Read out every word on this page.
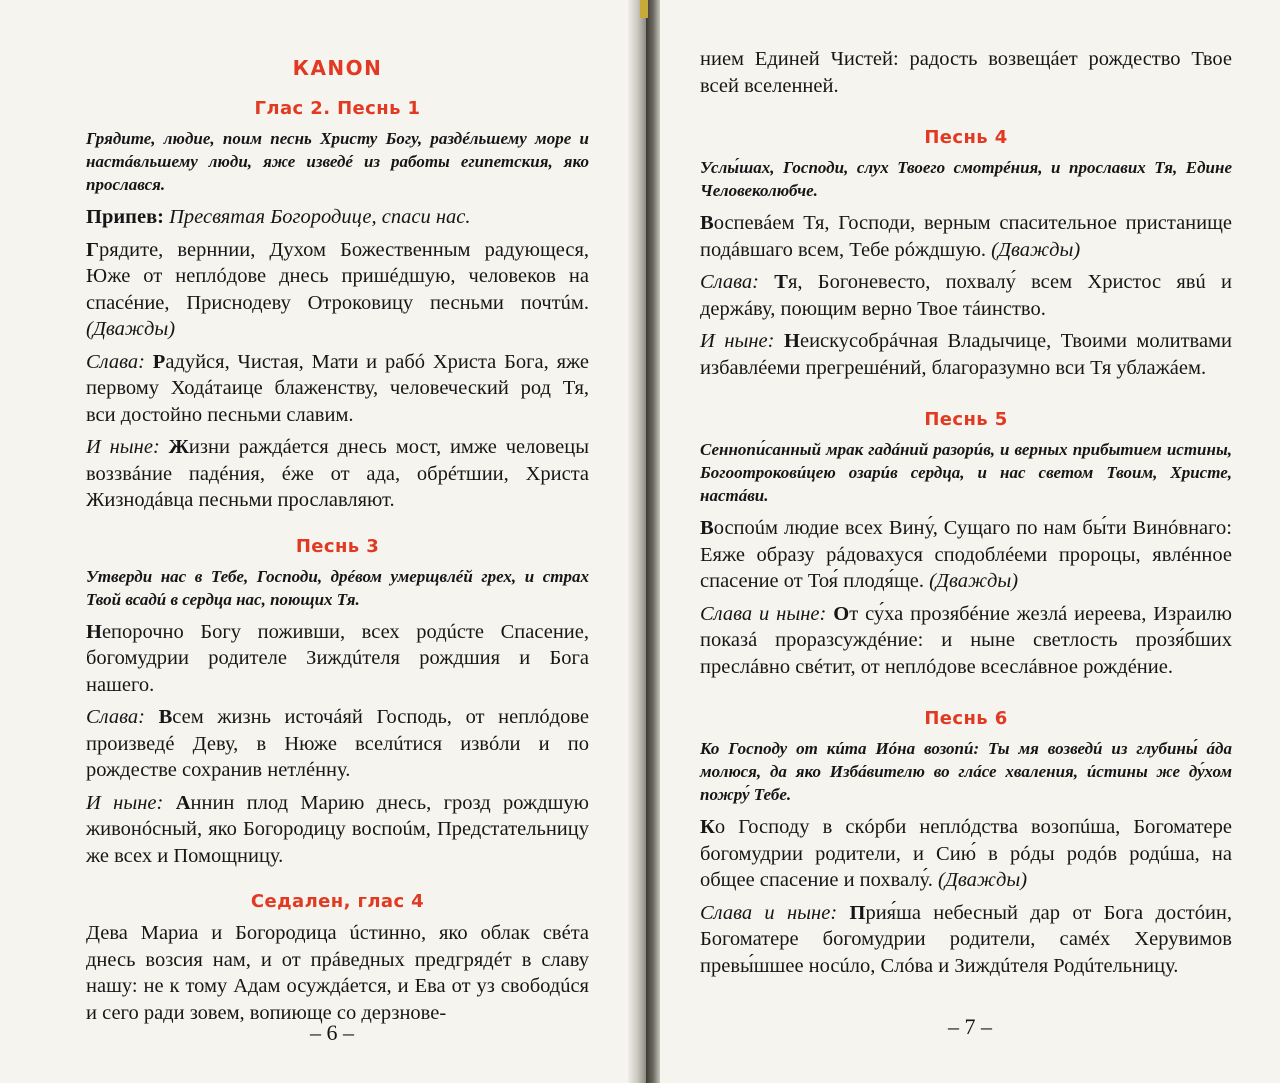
КАNON
Глас 2. Песнь 1

Грядите, людие, поим песнь Христу Богу, раздéльшему море и настáвльшему люди, яже изведé из работы египетския, яко прослався.

Припев: Пресвятая Богородице, спаси нас.

Грядите, верннии, Духом Божественным радующеся, Юже от неплóдове днесь пришéдшую, человеков на спасéние, Приснодеву Отроковицу песньми почтúм. (Дважды)

Слава: Радуйся, Чистая, Мати и рабó Христа Бога, яже первому Ходáтаице блаженству, человеческий род Тя, вси достойно песньми славим.

И ныне: Жизни раждáется днесь мост, имже человецы воззвáние падéния, éже от ада, обрéтшии, Христа Жизнодáвца песньми прославляют.

Песнь 3

Утверди нас в Тебе, Господи, дрéвом умерщвлéй грех, и страх Твой всадú в сердца нас, поющих Тя.

Непорочно Богу поживши, всех родúсте Спасение, богомудрии родителе Зиждúтеля рождшия и Бога нашего.

Слава: Всем жизнь источáяй Господь, от неплóдове произведé Деву, в Нюже вселúтися извóли и по рождестве сохранив нетлéнну.

И ныне: Аннин плод Марию днесь, грозд рождшую живонóсный, яко Богородицу воспоúм, Предстательницу же всех и Помощницу.

Седален, глас 4

Дева Мариа и Богородица úстинно, яко облак свéта днесь возсия нам, и от прáведных предгрядéт в славу нашу: не к тому Адам осуждáется, и Ева от уз свободúся и сего ради зовем, вопиюще со дерзнове-

– 6 –

нием Единей Чистей: радость возвещáет рождество Твое всей вселенней.

Песнь 4

Услы́шах, Господи, слух Твоего смотрéния, и прославих Тя, Едине Человеколюбче.

Воспевáем Тя, Господи, верным спасительное пристанище подáвшаго всем, Тебе рóждшую. (Дважды)

Слава: Тя, Богоневесто, похвалу́ всем Христос явú и держáву, поющим верно Твое тáинство.

И ныне: Неискусобрáчная Владычице, Твоими молитвами избавлéеми прегрешéний, благоразумно вси Тя ублажáем.

Песнь 5

Сеннопи́санный мрак гадáний разорúв, и верных прибытием истины, Богоотроковúцею озарúв сердца, и нас светом Твоим, Христе, настáви.

Воспоúм людие всех Вину́, Сущаго по нам бы́ти Винóвнаго: Еяже образу рáдовахуся сподоблéеми пророцы, явлéнное спасение от Тоя́ плодя́ще. (Дважды)

Слава и ныне: От су́ха прозябéние жезлá иереева, Израилю показá проразсуждéние: и ныне светлость прозя́бших преслáвно свéтит, от неплóдове всеслáвное рождéние.

Песнь 6

Ко Господу от кúта Иóна возопú: Ты мя возведú из глубины́ áда молюся, да яко Избáвителю во глáсе хваления, úстины же ду́хом пожру́ Тебе.

Ко Господу в скóрби неплóдства возопúша, Богоматере богомудрии родители, и Сию́ в рóды родóв родúша, на общее спасение и похвалу́. (Дважды)

Слава и ныне: Прия́ша небесный дар от Бога достóин, Богоматере богомудрии родители, самéх Херувимов превы́шшее носúло, Слóва и Зиждúтеля Родúтельницу.

– 7 –
